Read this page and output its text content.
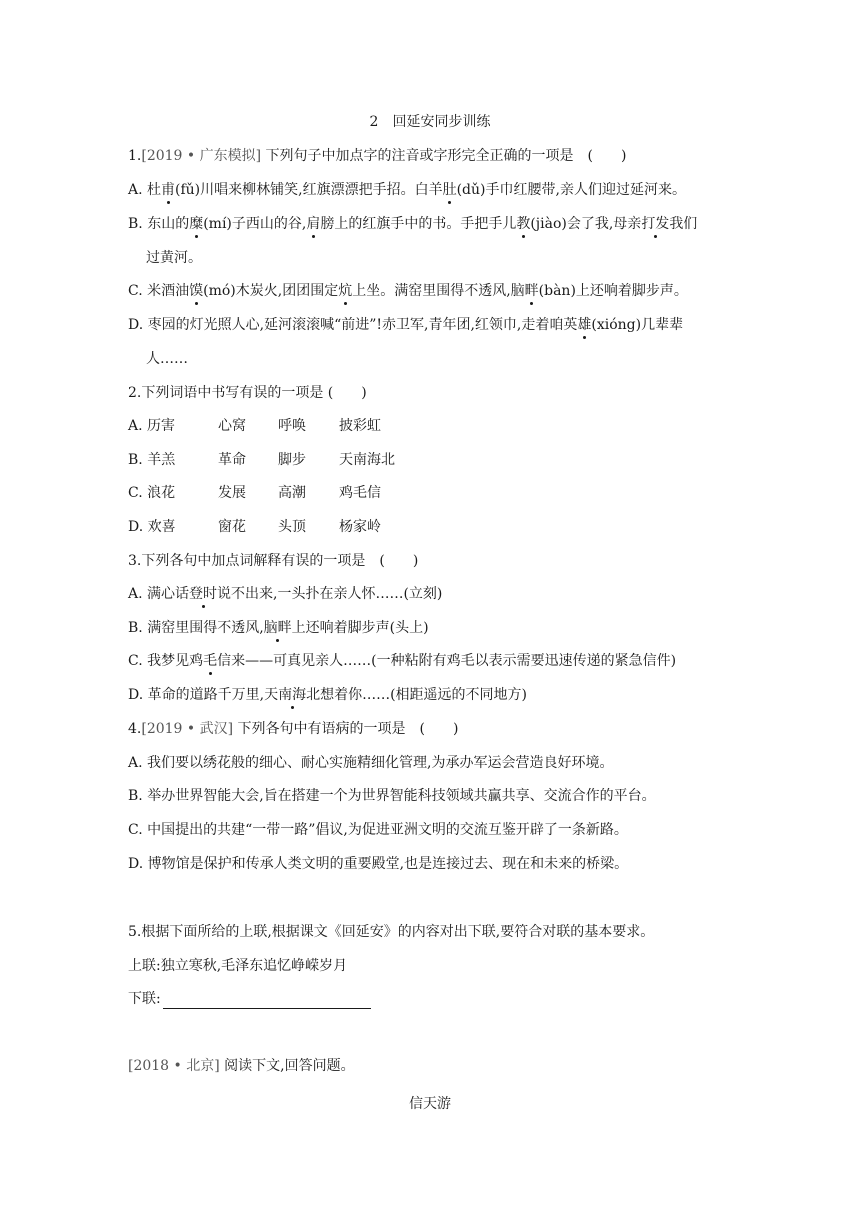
2　回延安同步训练
1.[2019 • 广东模拟] 下列句子中加点字的注音或字形完全正确的一项是　(　　)
A. 杜甫(fǔ)川唱来柳林铺笑,红旗漂漂把手招。白羊肚(dǔ)手巾红腰带,亲人们迎过延河来。
B. 东山的糜(mí)子西山的谷,肩膀上的红旗手中的书。手把手儿教(jiào)会了我,母亲打发我们
过黄河。
C. 米酒油馍(mó)木炭火,团团围定炕上坐。满窑里围得不透风,脑畔(bàn)上还响着脚步声。
D. 枣园的灯光照人心,延河滚滚喊“前进”!赤卫军,青年团,红领巾,走着咱英雄(xióng)几辈辈
人……
2.下列词语中书写有误的一项是 (　　)
A. 历害	心窝 呼唤 披彩虹
B. 羊羔	革命 脚步 天南海北
C. 浪花	发展 高潮 鸡毛信
D. 欢喜	窗花 头顶 杨家岭
3.下列各句中加点词解释有误的一项是　(　　)
A. 满心话登时说不出来,一头扑在亲人怀……(立刻)
B. 满窑里围得不透风,脑畔上还响着脚步声(头上)
C. 我梦见鸡毛信来——可真见亲人……(一种粘附有鸡毛以表示需要迅速传递的紧急信件)
D. 革命的道路千万里,天南海北想着你……(相距遥远的不同地方)
4.[2019 • 武汉] 下列各句中有语病的一项是　(　　)
A. 我们要以绣花般的细心、耐心实施精细化管理,为承办军运会营造良好环境。
B. 举办世界智能大会,旨在搭建一个为世界智能科技领域共赢共享、交流合作的平台。
C. 中国提出的共建“一带一路”倡议,为促进亚洲文明的交流互鉴开辟了一条新路。
D. 博物馆是保护和传承人类文明的重要殿堂,也是连接过去、现在和未来的桥梁。
5.根据下面所给的上联,根据课文《回延安》的内容对出下联,要符合对联的基本要求。
上联:独立寒秋,毛泽东追忆峥嵘岁月
下联:
[2018 • 北京] 阅读下文,回答问题。
信天游
